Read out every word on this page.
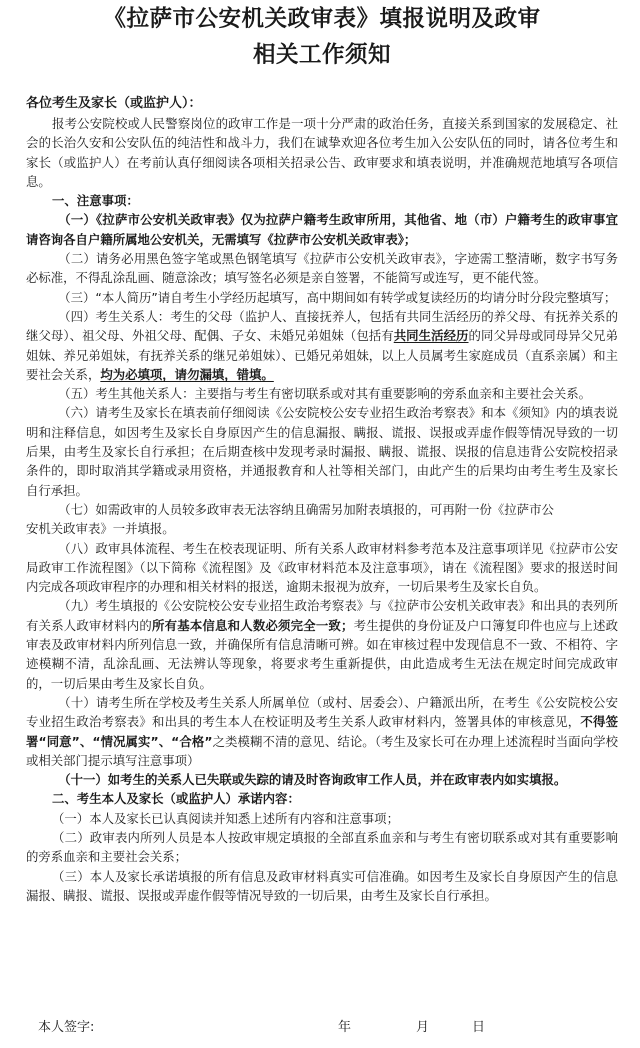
《拉萨市公安机关政审表》填报说明及政审
相关工作须知
各位考生及家长（或监护人）：

报考公安院校或人民警察岗位的政审工作是一项十分严肃的政治任务，直接关系到国家的发展稳定、社会的长治久安和公安队伍的纯洁性和战斗力，我们在诚挚欢迎各位考生加入公安队伍的同时，请各位考生和家长（或监护人）在考前认真仔细阅读各项相关招录公告、政审要求和填表说明，并准确规范地填写各项信息。

一、注意事项：

（一）《拉萨市公安机关政审表》仅为拉萨户籍考生政审所用，其他省、地（市）户籍考生的政审事宜请咨询各自户籍所属地公安机关，无需填写《拉萨市公安机关政审表》；

（二）请务必用黑色签字笔或黑色钢笔填写《拉萨市公安机关政审表》，字迹需工整清晰，数字书写务必标准，不得乱涂乱画、随意涂改；填写签名必须是亲自签署，不能简写或连写，更不能代签。

（三）“本人简历”请自考生小学经历起填写，高中期间如有转学或复读经历的均请分时分段完整填写；

（四）考生关系人：考生的父母（监护人、直接抚养人，包括有共同生活经历的养父母、有抚养关系的继父母）、祖父母、外祖父母、配偶、子女、未婚兄弟姐妹（包括有共同生活经历的同父异母或同母异父兄弟姐妹、养兄弟姐妹，有抚养关系的继兄弟姐妹）、已婚兄弟姐妹，以上人员属考生家庭成员（直系亲属）和主要社会关系，均为必填项，请勿漏填，错填。

（五）考生其他关系人：主要指与考生有密切联系或对其有重要影响的旁系血亲和主要社会关系。

（六）请考生及家长在填表前仔细阅读《公安院校公安专业招生政治考察表》和本《须知》内的填表说明和注释信息，如因考生及家长自身原因产生的信息漏报、瞒报、谎报、误报或弄虚作假等情况导致的一切后果，由考生及家长自行承担；在后期查核中发现考录时漏报、瞒报、谎报、误报的信息违背公安院校招录条件的，即时取消其学籍或录用资格，并通报教育和人社等相关部门，由此产生的后果均由考生考生及家长自行承担。

（七）如需政审的人员较多政审表无法容纳且确需另加附表填报的，可再附一份《拉萨市公

安机关政审表》一并填报。

（八）政审具体流程、考生在校表现证明、所有关系人政审材料参考范本及注意事项详见《拉萨市公安局政审工作流程图》（以下简称《流程图》及《政审材料范本及注意事项》，请在《流程图》要求的报送时间内完成各项政审程序的办理和相关材料的报送，逾期未报视为放弃，一切后果考生及家长自负。

（九）考生填报的《公安院校公安专业招生政治考察表》与《拉萨市公安机关政审表》和出具的表列所有关系人政审材料内的所有基本信息和人数必须完全一致；考生提供的身份证及户口簿复印件也应与上述政审表及政审材料内所列信息一致，并确保所有信息清晰可辨。如在审核过程中发现信息不一致、不相符、字迹模糊不清，乱涂乱画、无法辨认等现象，将要求考生重新提供，由此造成考生无法在规定时间完成政审的，一切后果由考生及家长自负。

（十）请考生所在学校及考生关系人所属单位（或村、居委会）、户籍派出所，在考生《公安院校公安专业招生政治考察表》和出具的考生本人在校证明及考生关系人政审材料内，签署具体的审核意见，不得签署“同意”、“情况属实”、“合格”之类模糊不清的意见、结论。（考生及家长可在办理上述流程时当面向学校或相关部门提示填写注意事项）

（十一）如考生的关系人已失联或失踪的请及时咨询政审工作人员，并在政审表内如实填报。

二、考生本人及家长（或监护人）承诺内容：

（一）本人及家长已认真阅读并知悉上述所有内容和注意事项；

（二）政审表内所列人员是本人按政审规定填报的全部直系血亲和与考生有密切联系或对其有重要影响的旁系血亲和主要社会关系；

（三）本人及家长承诺填报的所有信息及政审材料真实可信准确。如因考生及家长自身原因产生的信息漏报、瞒报、谎报、误报或弄虚作假等情况导致的一切后果，由考生及家长自行承担。

本人签字:	年	月	日
